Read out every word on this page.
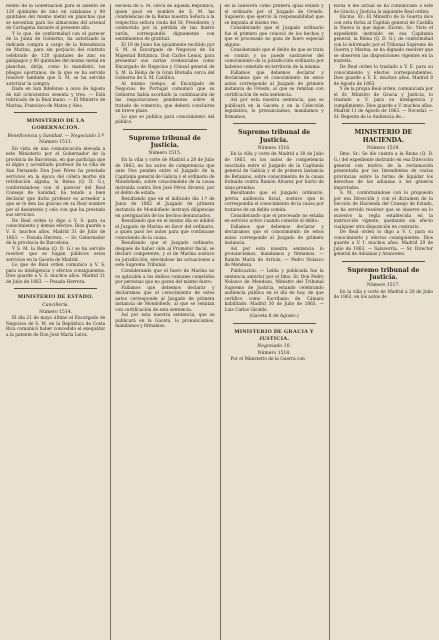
mento de la Gobernacion para el asiento de 120 quintales de zinc en calabazas y 80 quintales del mismo metal en planchas que se necesitan para los almacenes del arsenal de Cartagena durante el presente año.

Y lo que, de conformidad con el parecer de la Junta de Gobierno, ha autorizado la indicada compra a cargo de la Intendencia de Marina, para sin perjuicio del contrato celebrado de 120 quintales de zinc en galápagos y 80 quintales del mismo metal en planchas, dirija, como lo manifestó, los pliegos oportunos, de la que se ha servido resolver también que S. M. se ha servido autorizar la compra.

Dado en San Ildefonso a once de Agosto de mil ochocientos sesenta y tres. — Está rubricado de la Real mano. — El Ministro de Marina, Francisco de Matos y Alos.

MINISTERIO DE LA GOBERNACION.
Beneficencia y Sanidad. — Negociado 3.º

Número 1513.

En vista de una comunicación elevada a este Ministerio por el Gobernador de la provincia de Barcelona, en que participa que el digno y acreditado profesor de la villa de San Fernando Don José Pérez ha prestado servicios en la época del cólera morbo sin retribución alguna, la Reina (Q. D. G.), conformándose con el parecer del Real Consejo de Sanidad, ha tenido a bien declarar que dicho profesor es acreedor a que se le den las gracias en su Real nombre por el desinterés y celo con que ha prestado sus servicios.

De Real orden lo digo a V. S. para su conocimiento y demás efectos. Dios guarde a V. S. muchos años. Madrid 31 de Julio de 1863. — Posada Herrera. — Sr. Gobernador de la provincia de Barcelona.

Y S. M. la Reina (Q. D. G.) se ha servido resolver que se hagan públicos estos servicios en la Gaceta de Madrid.

Lo que de Real orden comunico a V. S. para su inteligencia y efectos consiguientes. Dios guarde a V. S. muchos años. Madrid 31 de Julio de 1863. — Posada Herrera.

MINISTERIO DE ESTADO.
Cancillería.

Número 1514.

El día 21 de mayo último el Encargado de Negocios de S. M. en la República de Costa Rica comunicó haber concedido el exequátur a la patente de Don José María Leiva.

escuela de S. M. cerca de aquella República, quien pasó en nombre de S. M. las condolencias de la Reina nuestra Señora a la respectiva señora viuda del Sr. Presidente, y conmovida por la pérdida de tan ilustre varón, correspondió dignamente con sentimientos de gratitud.

El 19 de Junio fue igualmente recibido por S. M. el Encargado de Negocios de Su Majestad Británica, Don Carlos Lenox, para presentar sus cartas credenciales como Encargado de Negocios y Cónsul general de S. M. la Reina de la Gran Bretaña cerca del Gobierno de S. M. Católica.

Al mismo tiempo, el Encargado de Negocios de Portugal comunicó que su Gobierno había acordado la continuación de las negociaciones pendientes sobre el tratado de comercio, que deberá concluirse en breve plazo.

Lo que se publica para conocimiento del público.

Supremo tribunal de Justicia.

Número 1515.

En la villa y corte de Madrid a 28 de Julio de 1863, en los autos de competencia que ante Nos penden entre el Juzgado de la Capitanía general de Galicia y el ordinario de Mondoñedo, sobre conocimiento de la causa instruida contra Don José Pérez Álvarez, por el delito de estafa:

Resultando que en el indicado día 1.º de Junio de 1862 el Juzgado de primera instancia de Mondoñedo instruyó diligencias en averiguación de los hechos denunciados.

Resultando que en el mismo día se inhibió el Juzgado de Marina en favor del ordinario, a quien pasó los autos para que continuase conociendo de la causa.

Resultando que el Juzgado ordinario, después de haber oído al Promotor fiscal, se declaró competente, y el de Marina sostuvo su jurisdicción, elevándose las actuaciones a este Supremo Tribunal.

Considerando que el fuero de Marina no es aplicable a los delitos comunes cometidos por personas que no gozan del mismo fuero:

Fallamos que debemos declarar y declaramos que el conocimiento de estos autos corresponde al Juzgado de primera instancia de Mondoñedo, al que se remitan con certificación de esta sentencia.

Así por esta nuestra sentencia, que se publicará en la Gaceta, lo pronunciamos, mandamos y firmamos.

en la cabecera como primera igual estado y el ordinario por el Juzgado de Oviedo. Supuesto que ejerció la responsabilidad que se imponía al mismo reo.

Considerando que el Juzgado ordinario fue el primero que conoció de los hechos y que el procesado no goza de fuero especial alguno:

Considerando que el delito de que se trata es común y no puede sustraerse del conocimiento de la jurisdicción ordinaria por haberse cometido en territorio de la misma:

Fallamos que debemos declarar y declaramos que el conocimiento de estos autos corresponde al Juzgado de primera instancia de Oviedo, al que se remitan con certificación de esta sentencia.

Así por esta nuestra sentencia, que se publicará en la Gaceta y en la Colección legislativa, lo pronunciamos, mandamos y firmamos.

Supremo tribunal de Justicia.

Número 1516.

En la villa y corte de Madrid a 30 de Julio de 1863, en los autos de competencia suscitada entre el Juzgado de la Capitanía general de Galicia y el de primera instancia de Betanzos, sobre conocimiento de la causa formada contra Ramón Álvarez por hurto de unas prendas:

Resultando que el Juzgado ordinario, previa audiencia fiscal, sostuvo que le correspondía el conocimiento de la causa por tratarse de un delito común:

Considerando que el procesado no estaba en servicio activo cuando cometió el delito:

Fallamos que debemos declarar y declaramos que el conocimiento de estos autos corresponde al Juzgado de primera instancia.

Así por esta nuestra sentencia lo pronunciamos, mandamos y firmamos. — Ramón María de Arriola. — Pedro Nolasco de Mendoza.

Publicación. — Leída y publicada fue la sentencia anterior por el Ilmo. Sr. Don Pedro Nolasco de Mendoza, Ministro del Tribunal Supremo de Justicia, estando celebrando audiencia pública en el día de hoy, de que certifico como Escribano de Cámara habilitado. Madrid 30 de Julio de 1863. — Luis Carlos Giraldo.

(Gaceta 8 de Agosto.)

MINISTERIO DE GRACIA Y JUSTICIA.
Negociado 10.

Número 1518.

Por el Ministerio de la Guerra con

fecha 8 del actual se ha comunicado a este de Gracia y Justicia la siguiente Real orden:

Excmo. Sr.: El Ministro de la Guerra dice con esta fecha al Capitán general de Castilla la Nueva lo que sigue: Excmo. Sr.: Visto el expediente instruido en esa Capitanía general, la Reina (Q. D. G.), de conformidad con lo informado por el Tribunal Supremo de Guerra y Marina, se ha dignado resolver que se observen las disposiciones vigentes en la materia.

De Real orden lo traslado a V. E. para su conocimiento y efectos correspondientes. Dios guarde a V. E. muchos años. Madrid 8 de Agosto de 1863.

Y de la propia Real orden, comunicada por el Sr. Ministro de Gracia y Justicia, lo traslado a V. para su inteligencia y cumplimiento. Dios guarde a V. muchos años. Madrid 11 de Agosto de 1863. — Nocedal. — Sr. Regente de la Audiencia de...

MINISTERIO DE HACIENDA.

Número 1519.

Ilmo. Sr.: Se dio cuenta a la Reina (Q. D. G.) del expediente instruido en esa Dirección general con motivo de la reclamación presentada por los Intendentes de varias provincias sobre la forma de liquidar los derechos de las aduanas a los géneros importados.

S. M., conformándose con lo propuesto por esa Dirección y con el dictamen de la Sección de Hacienda del Consejo de Estado, se ha servido resolver que se observe en lo sucesivo la regla establecida en la instrucción vigente, quedando sin efecto cualquier otra disposición en contrario.

De Real orden lo digo a V. I. para su conocimiento y efectos consiguientes. Dios guarde a V. I. muchos años. Madrid 29 de Julio de 1863. — Salaverría. — Sr. Director general de Aduanas y Aranceles.

Supremo tribunal de Justicia.

Número 1517.

En la villa y corte de Madrid a 28 de Julio de 1863, en los autos de
